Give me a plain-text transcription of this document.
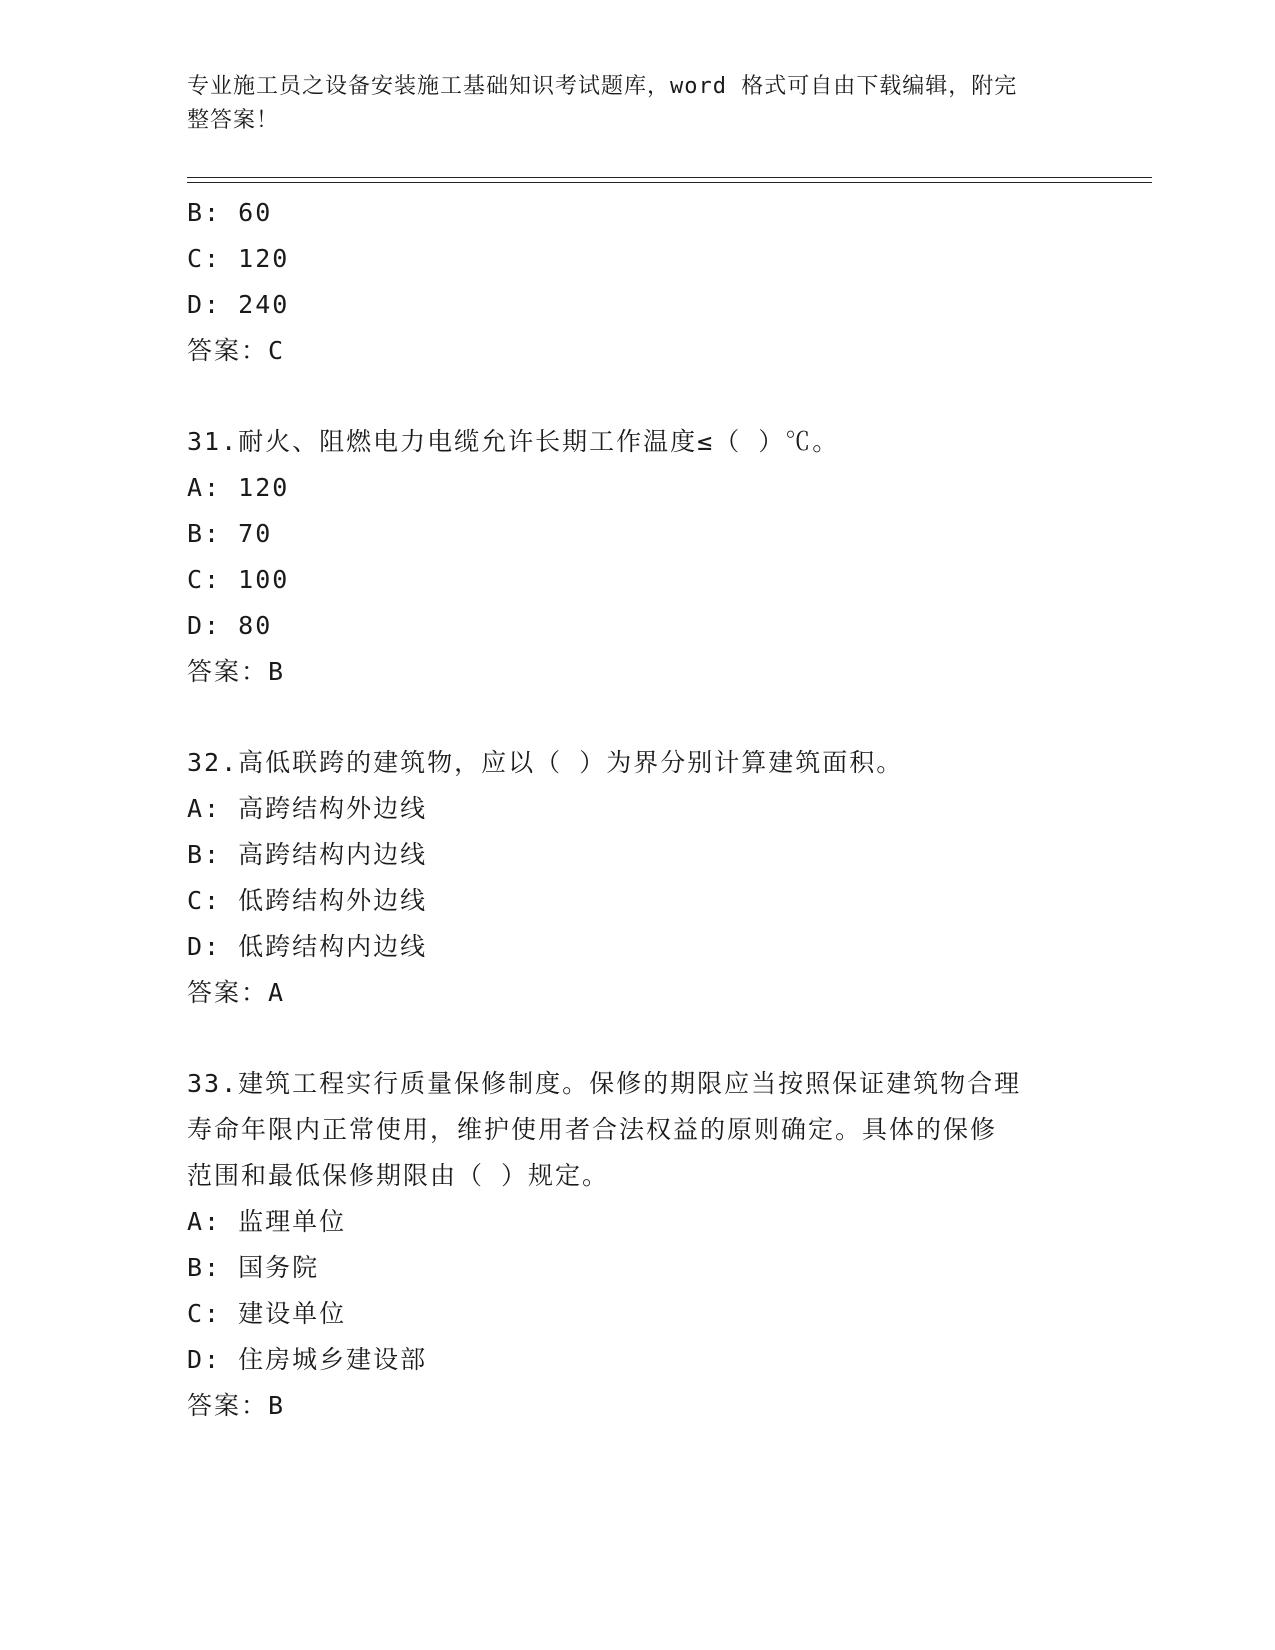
专业施工员之设备安装施工基础知识考试题库，word 格式可自由下载编辑，附完
整答案！
B: 60
C: 120
D: 240
答案：C
31.耐火、阻燃电力电缆允许长期工作温度≤（ ）℃。
A: 120
B: 70
C: 100
D: 80
答案：B
32.高低联跨的建筑物，应以（ ）为界分别计算建筑面积。
A: 高跨结构外边线
B: 高跨结构内边线
C: 低跨结构外边线
D: 低跨结构内边线
答案：A
33.建筑工程实行质量保修制度。保修的期限应当按照保证建筑物合理
寿命年限内正常使用，维护使用者合法权益的原则确定。具体的保修
范围和最低保修期限由（ ）规定。
A: 监理单位
B: 国务院
C: 建设单位
D: 住房城乡建设部
答案：B
